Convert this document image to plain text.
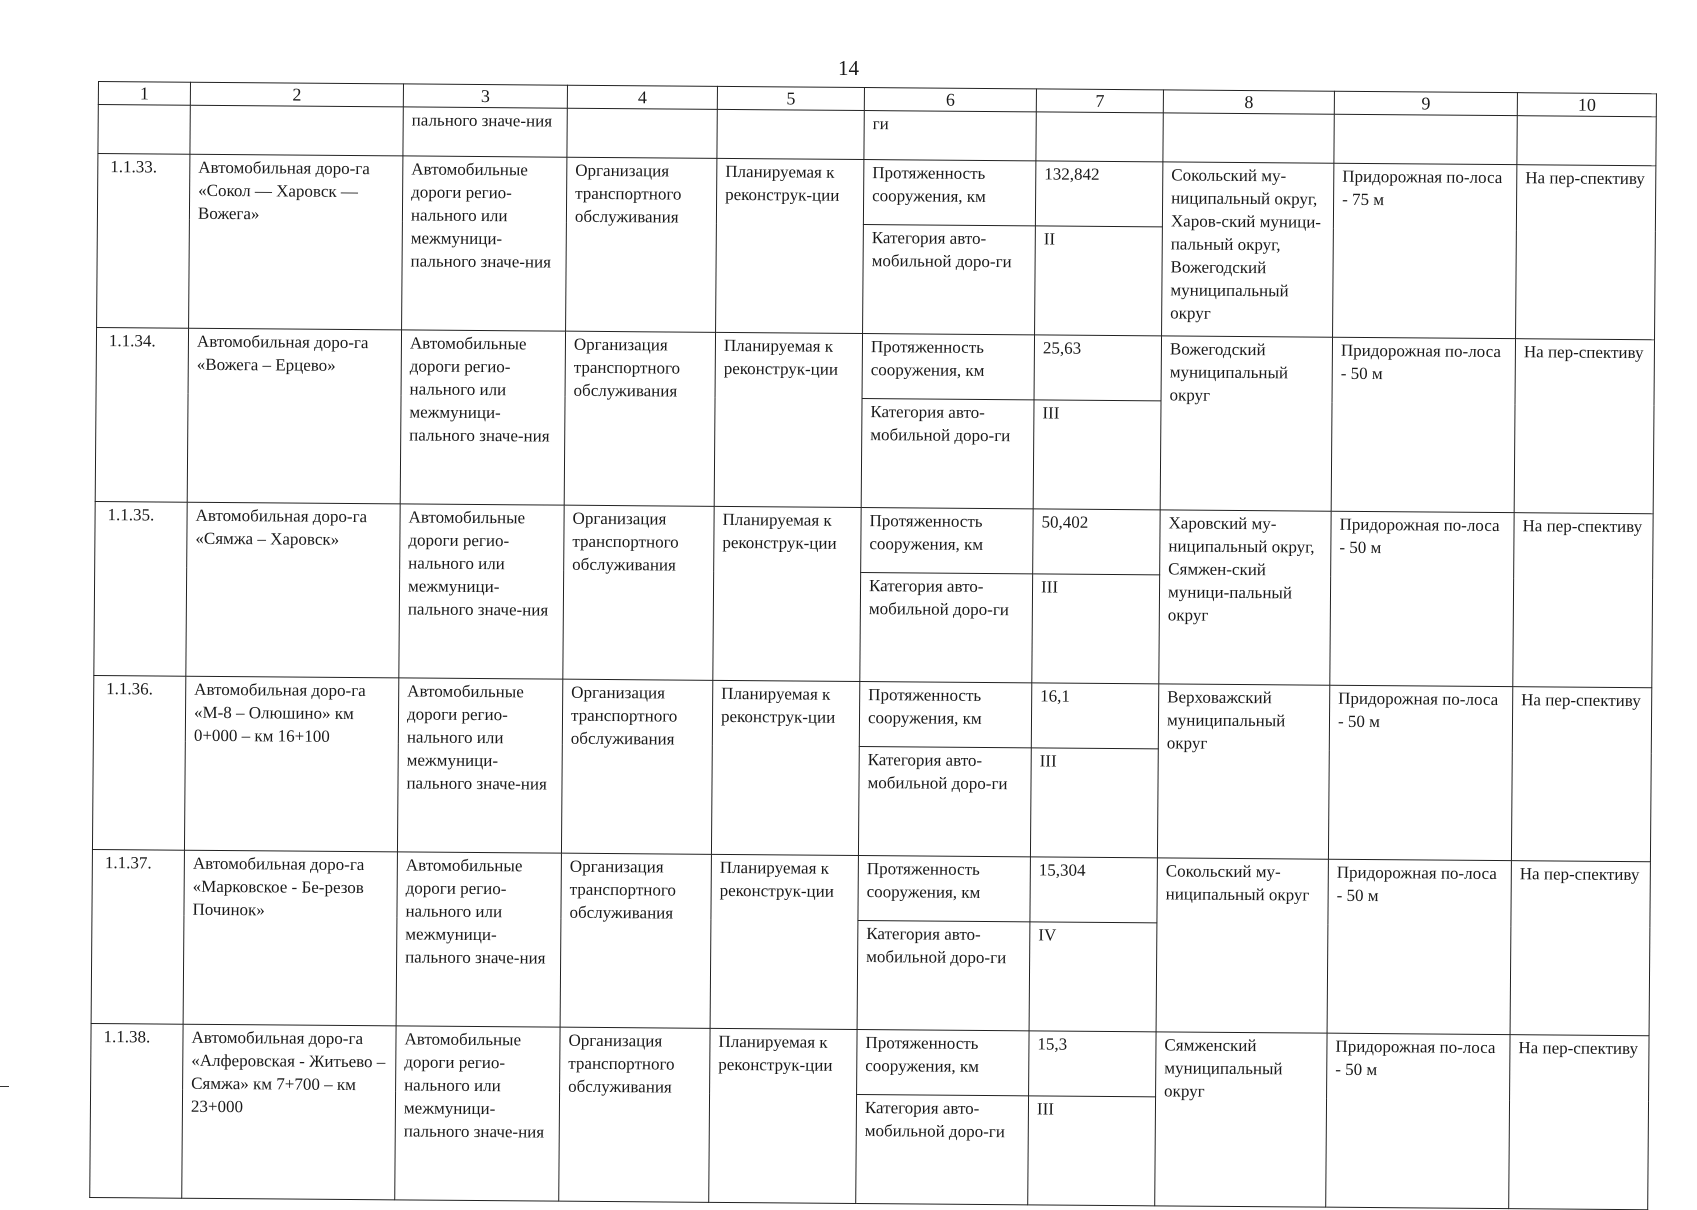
14
1	2	3	4	5	6	7	8	9	10
		пального значе-ния			ги				
1.1.33.	Автомобильная доро-га «Сокол — Харовск — Вожега»	Автомобильные дороги регио-нального или межмуници-пального значе-ния	Организация транспортного обслуживания	Планируемая к реконструк-ции	Протяженность сооружения, км	132,842	Сокольский му-ниципальный округ, Харов-ский муници-пальный округ, Вожегодский муниципальный округ	Придорожная по-лоса - 75 м	На пер-спективу
					Категория авто-мобильной доро-ги	II			
1.1.34.	Автомобильная доро-га «Вожега – Ерцево»	Автомобильные дороги регио-нального или межмуници-пального значе-ния	Организация транспортного обслуживания	Планируемая к реконструк-ции	Протяженность сооружения, км	25,63	Вожегодский муниципальный округ	Придорожная по-лоса - 50 м	На пер-спективу
					Категория авто-мобильной доро-ги	III			
1.1.35.	Автомобильная доро-га «Сямжа – Харовск»	Автомобильные дороги регио-нального или межмуници-пального значе-ния	Организация транспортного обслуживания	Планируемая к реконструк-ции	Протяженность сооружения, км	50,402	Харовский му-ниципальный округ, Сямжен-ский муници-пальный округ	Придорожная по-лоса - 50 м	На пер-спективу
					Категория авто-мобильной доро-ги	III			
1.1.36.	Автомобильная доро-га «М-8 – Олюшино» км 0+000 – км 16+100	Автомобильные дороги регио-нального или межмуници-пального значе-ния	Организация транспортного обслуживания	Планируемая к реконструк-ции	Протяженность сооружения, км	16,1	Верховажский муниципальный округ	Придорожная по-лоса - 50 м	На пер-спективу
					Категория авто-мобильной доро-ги	III			
1.1.37.	Автомобильная доро-га «Марковское - Бе-резов Починок»	Автомобильные дороги регио-нального или межмуници-пального значе-ния	Организация транспортного обслуживания	Планируемая к реконструк-ции	Протяженность сооружения, км	15,304	Сокольский му-ниципальный округ	Придорожная по-лоса - 50 м	На пер-спективу
					Категория авто-мобильной доро-ги	IV			
1.1.38.	Автомобильная доро-га «Алферовская - Житьево – Сямжа» км 7+700 – км 23+000	Автомобильные дороги регио-нального или межмуници-пального значе-ния	Организация транспортного обслуживания	Планируемая к реконструк-ции	Протяженность сооружения, км	15,3	Сямженский муниципальный округ	Придорожная по-лоса - 50 м	На пер-спективу
					Категория авто-мобильной доро-ги	III			
